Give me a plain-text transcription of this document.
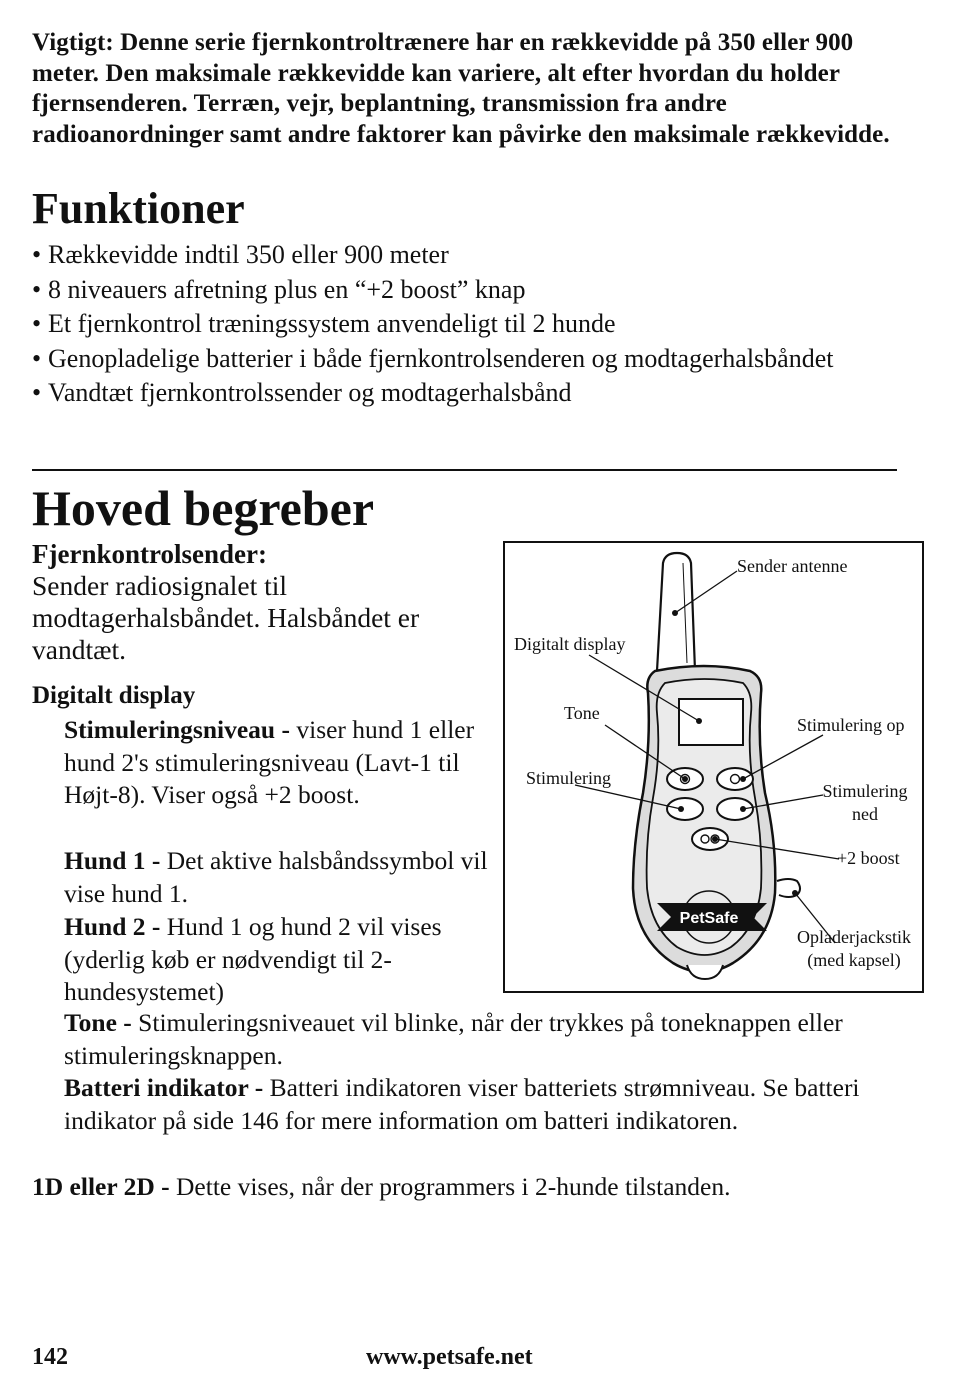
Vigtigt: Denne serie fjernkontroltrænere har en rækkevidde på 350 eller 900 meter. Den maksimale rækkevidde kan variere, alt efter hvordan du holder fjernsenderen. Terræn, vejr, beplantning, transmission fra andre radioanordninger samt andre faktorer kan påvirke den maksimale rækkevidde.
Funktioner
• Rækkevidde indtil 350 eller 900 meter
• 8 niveauers afretning plus en “+2 boost” knap
• Et fjernkontrol træningssystem anvendeligt til 2 hunde
• Genopladelige batterier i både fjernkontrolsenderen og modtagerhalsbåndet
• Vandtæt fjernkontrolssender og modtagerhalsbånd
Hoved begreber
Fjernkontrolsender:
Sender radiosignalet til modtagerhalsbåndet. Halsbåndet er vandtæt.
Digitalt display
Stimuleringsniveau - viser hund 1 eller hund 2's stimuleringsniveau (Lavt-1 til Højt-8). Viser også +2 boost.
Hund 1 - Det aktive halsbåndssymbol vil vise hund 1.
Hund 2 - Hund 1 og hund 2 vil vises (yderlig køb er nødvendigt til 2-hundesystemet)
Tone - Stimuleringsniveauet vil blinke, når der trykkes på toneknappen eller stimuleringsknappen.
Batteri indikator - Batteri indikatoren viser batteriets strømniveau. Se batteri indikator på side 146 for mere information om batteri indikatoren.
1D eller 2D - Dette vises, når der programmers i 2-hunde tilstanden.
PetSafe
Sender antenne
Digitalt display
Tone
Stimulering
Stimulering op
Stimulering
ned
+2 boost
Opladerjackstik
(med kapsel)
142	www.petsafe.net
